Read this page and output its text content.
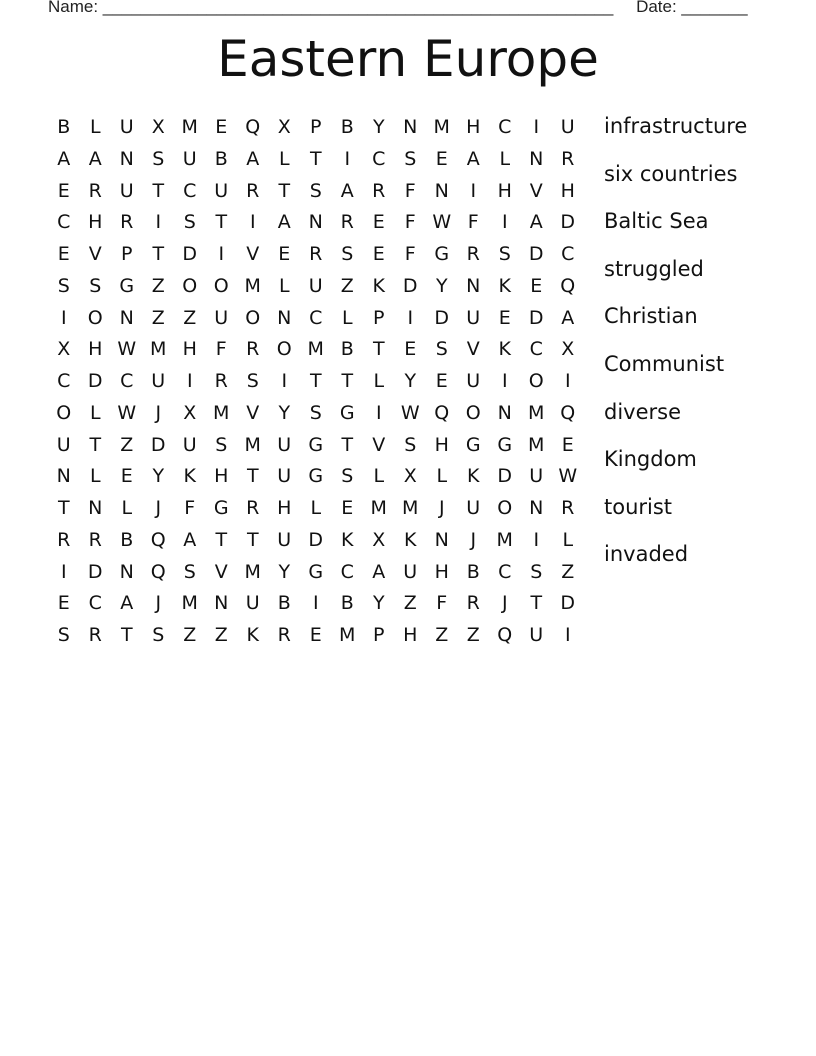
Name: ______________________________________________________ Date: _______
Eastern Europe
B	L	U X M E Q X	P	B	Y N M H C	I	U
A A N S U B A	L	T	I	C S	E	A	L	N R
E R U T	C U R	T	S A R	F N	I	H V H
C H R	I	S	T	I	A N R E	F W F	I	A D
E	V	P	T D	I	V E R S	E	F G R S D C
S	S G Z O O M L	U Z K D Y N K	E Q
I	O N Z Z U O N C	L	P	I	D U E D A
X H W M H F	R O M B	T	E	S V K C X
C D C U	I	R S	I	T	T	L	Y	E U	I	O	I
O L W	J	X M V	Y	S G	I	W Q O N M Q
U T	Z D U S M U G T	V S H G G M E
N	L	E	Y	K H T U G S	L	X	L	K D U W
T N	L	J	F G R H	L	E M M	J	U O N R
R R B Q A	T	T U D K X K N	J	M	I	L
I	D N Q S V M Y G C A U H B C S Z
E C A	J	M N U B	I	B	Y	Z	F	R	J	T D
S R	T	S Z Z K R E M P H Z Z Q U	I
infrastructure
six countries
Baltic Sea
struggled
Christian
Communist
diverse
Kingdom
tourist
invaded
